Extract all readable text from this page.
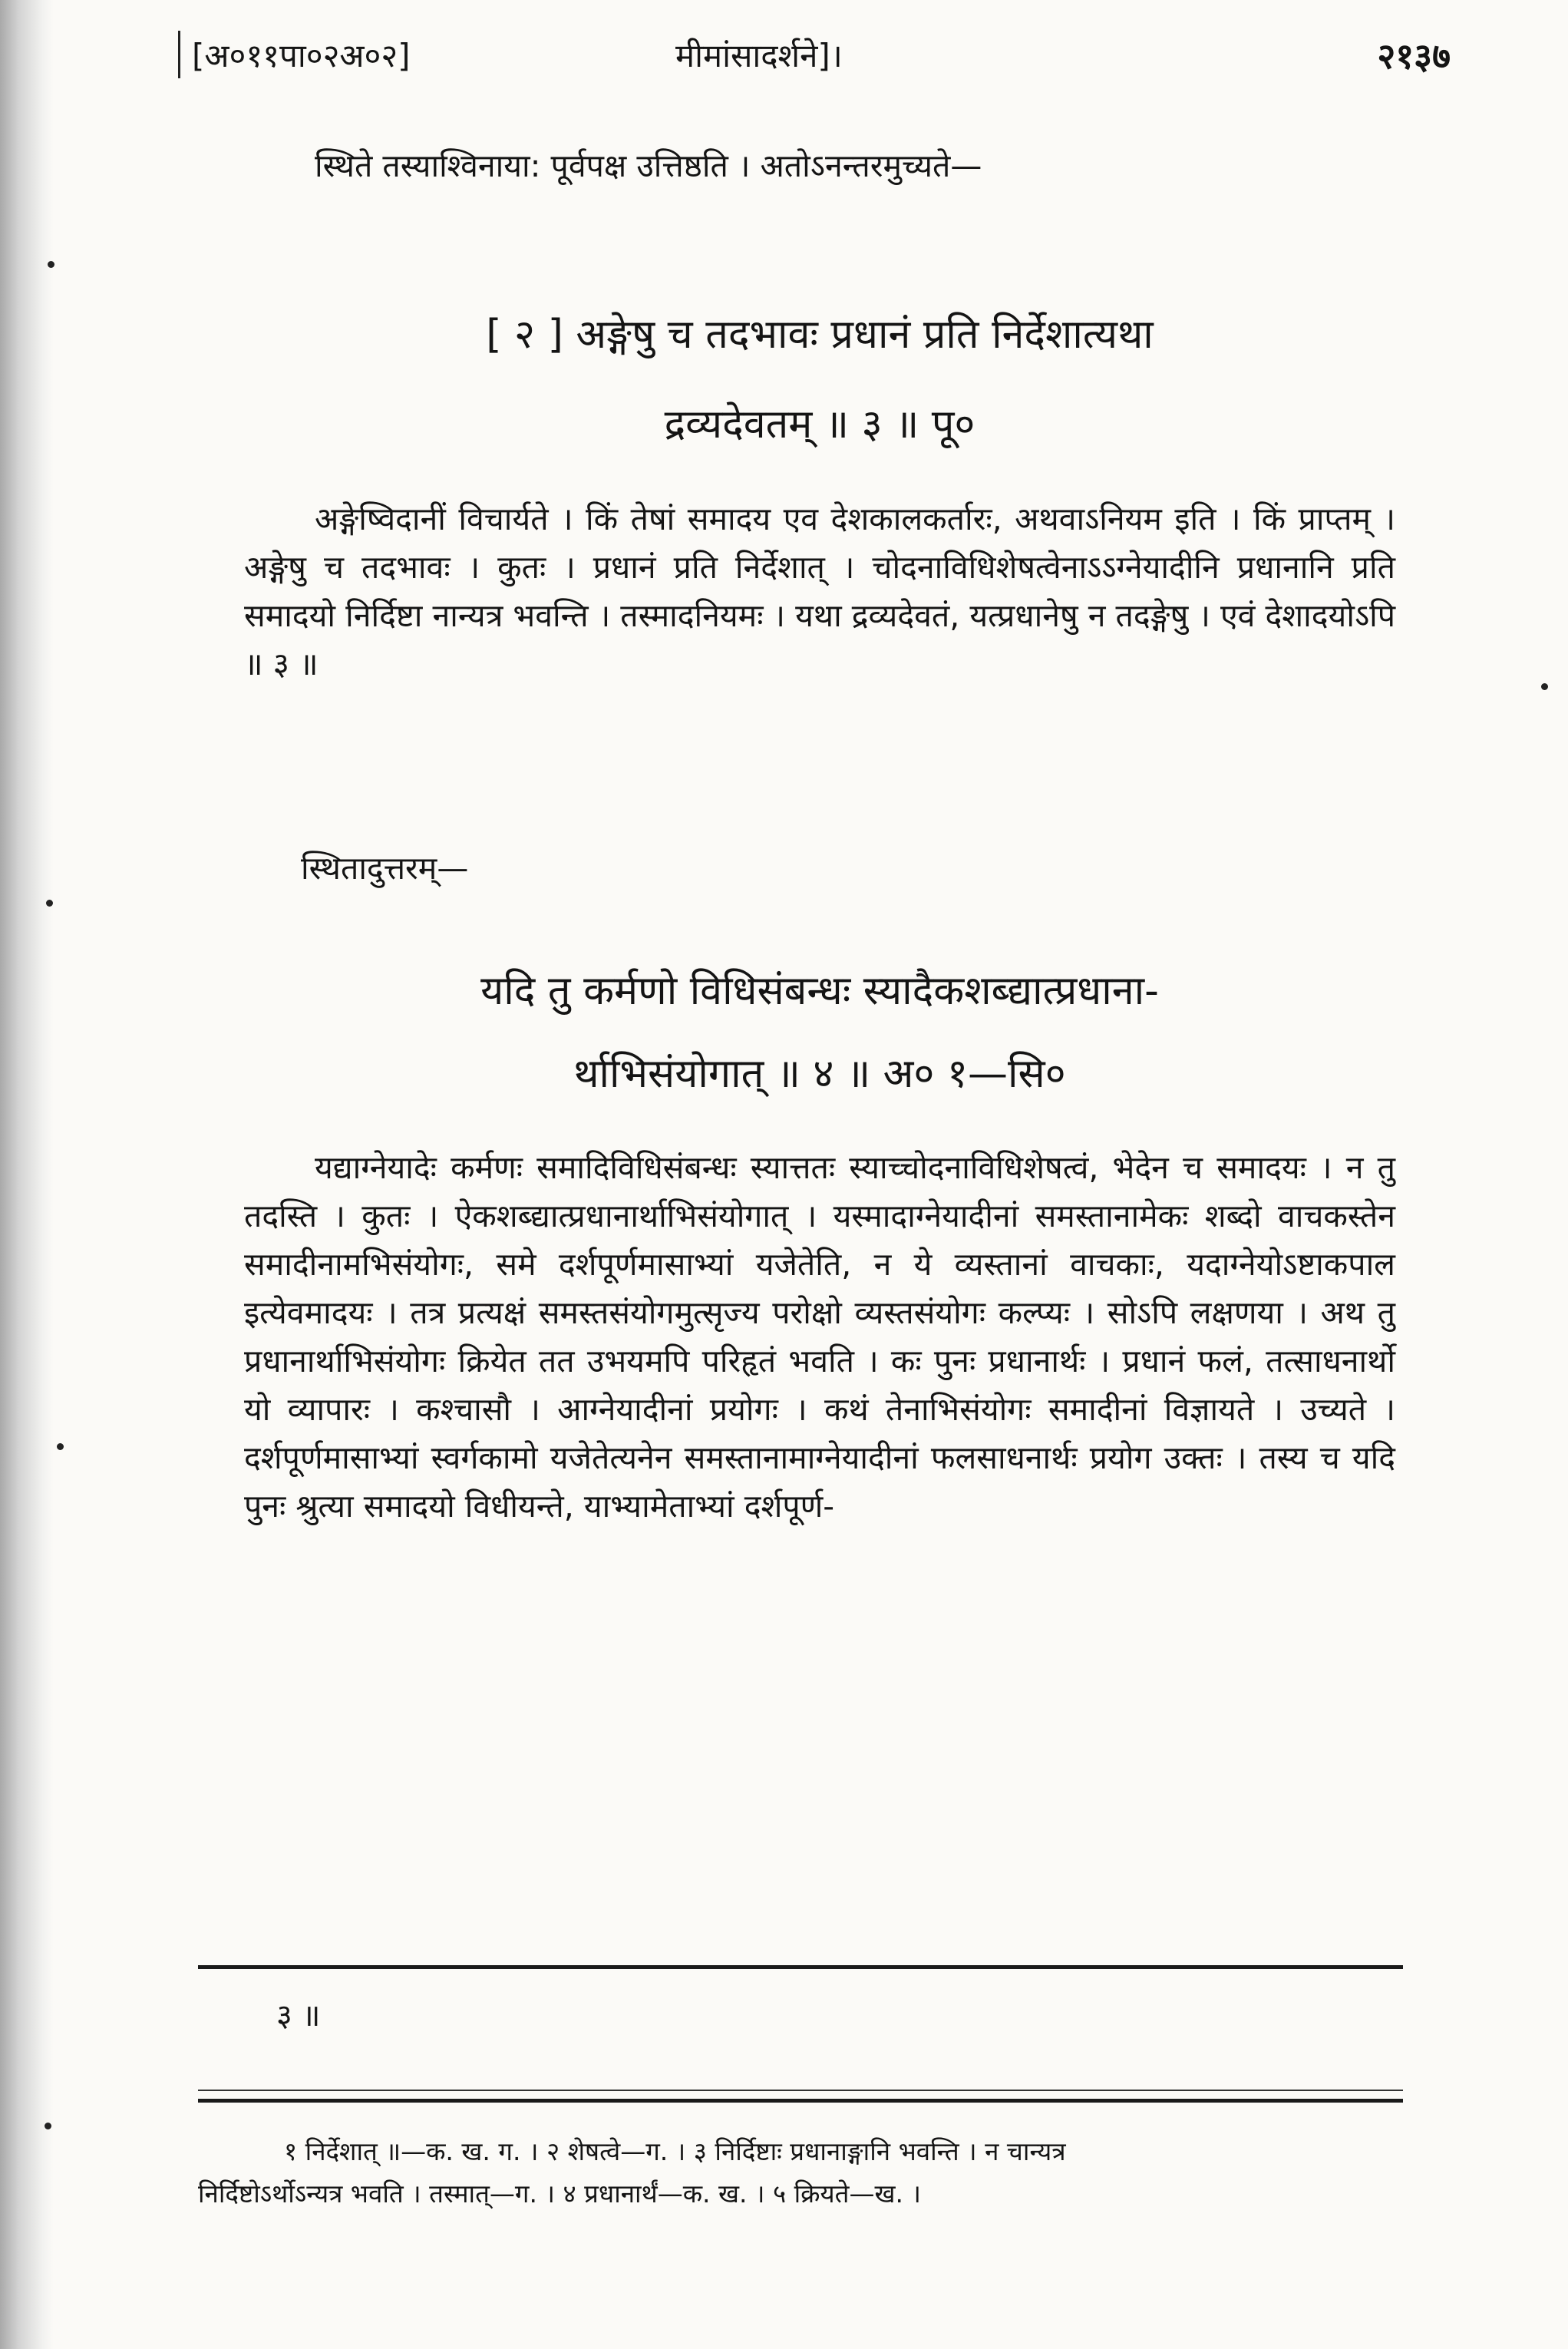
[अ०११पा०२अ०२]	मीमांसादर्शने]।	२१३७

स्थिते तस्याश्विनाया: पूर्वपक्ष उत्तिष्ठति । अतोऽनन्तरमुच्यते—

[ २ ] अङ्गेषु च तदभावः प्रधानं प्रति निर्देशात्यथा

द्रव्यदेवतम् ॥ ३ ॥ पू०

अङ्गेष्विदानीं विचार्यते । किं तेषां समादय एव देशकालकर्तारः, अथवाऽनियम इति । किं प्राप्तम् । अङ्गेषु च तदभावः । कुतः । प्रधानं प्रति निर्देशात् । चोदनाविधिशेषत्वेनाऽऽग्नेयादीनि प्रधानानि प्रति समादयो निर्दिष्टा नान्यत्र भवन्ति । तस्मादनियमः । यथा द्रव्यदेवतं, यत्प्रधानेषु न तदङ्गेषु । एवं देशादयोऽपि ॥ ३ ॥

स्थितादुत्तरम्—

यदि तु कर्मणो विधिसंबन्धः स्यादैकशब्द्यात्प्रधाना-

र्थाभिसंयोगात् ॥ ४ ॥ अ० १—सि०

यद्याग्नेयादेः कर्मणः समादिविधिसंबन्धः स्यात्ततः स्याच्चोदनाविधिशेषत्वं, भेदेन च समादयः । न तु तदस्ति । कुतः । ऐकशब्द्यात्प्रधानार्थाभिसंयोगात् । यस्मादाग्नेयादीनां समस्तानामेकः शब्दो वाचकस्तेन समादीनामभिसंयोगः, समे दर्शपूर्णमासाभ्यां यजेतेति, न ये व्यस्तानां वाचकाः, यदाग्नेयोऽष्टाकपाल इत्येवमादयः । तत्र प्रत्यक्षं समस्तसंयोगमुत्सृज्य परोक्षो व्यस्तसंयोगः कल्प्यः । सोऽपि लक्षणया । अथ तु प्रधानार्थाभिसंयोगः क्रियेत तत उभयमपि परिहृतं भवति । कः पुनः प्रधानार्थः । प्रधानं फलं, तत्साधनार्थो यो व्यापारः । कश्चासौ । आग्नेयादीनां प्रयोगः । कथं तेनाभिसंयोगः समादीनां विज्ञायते । उच्यते । दर्शपूर्णमासाभ्यां स्वर्गकामो यजेतेत्यनेन समस्तानामाग्नेयादीनां फलसाधनार्थः प्रयोग उक्तः । तस्य च यदि पुनः श्रुत्या समादयो विधीयन्ते, याभ्यामेताभ्यां दर्शपूर्ण-

३ ॥

१ निर्देशात् ॥—क. ख. ग. । २ शेषत्वे—ग. । ३ निर्दिष्टाः प्रधानाङ्गानि भवन्ति । न चान्यत्र
निर्दिष्टोऽर्थोऽन्यत्र भवति । तस्मात्—ग. । ४ प्रधानार्थं—क. ख. । ५ क्रियते—ख. ।
